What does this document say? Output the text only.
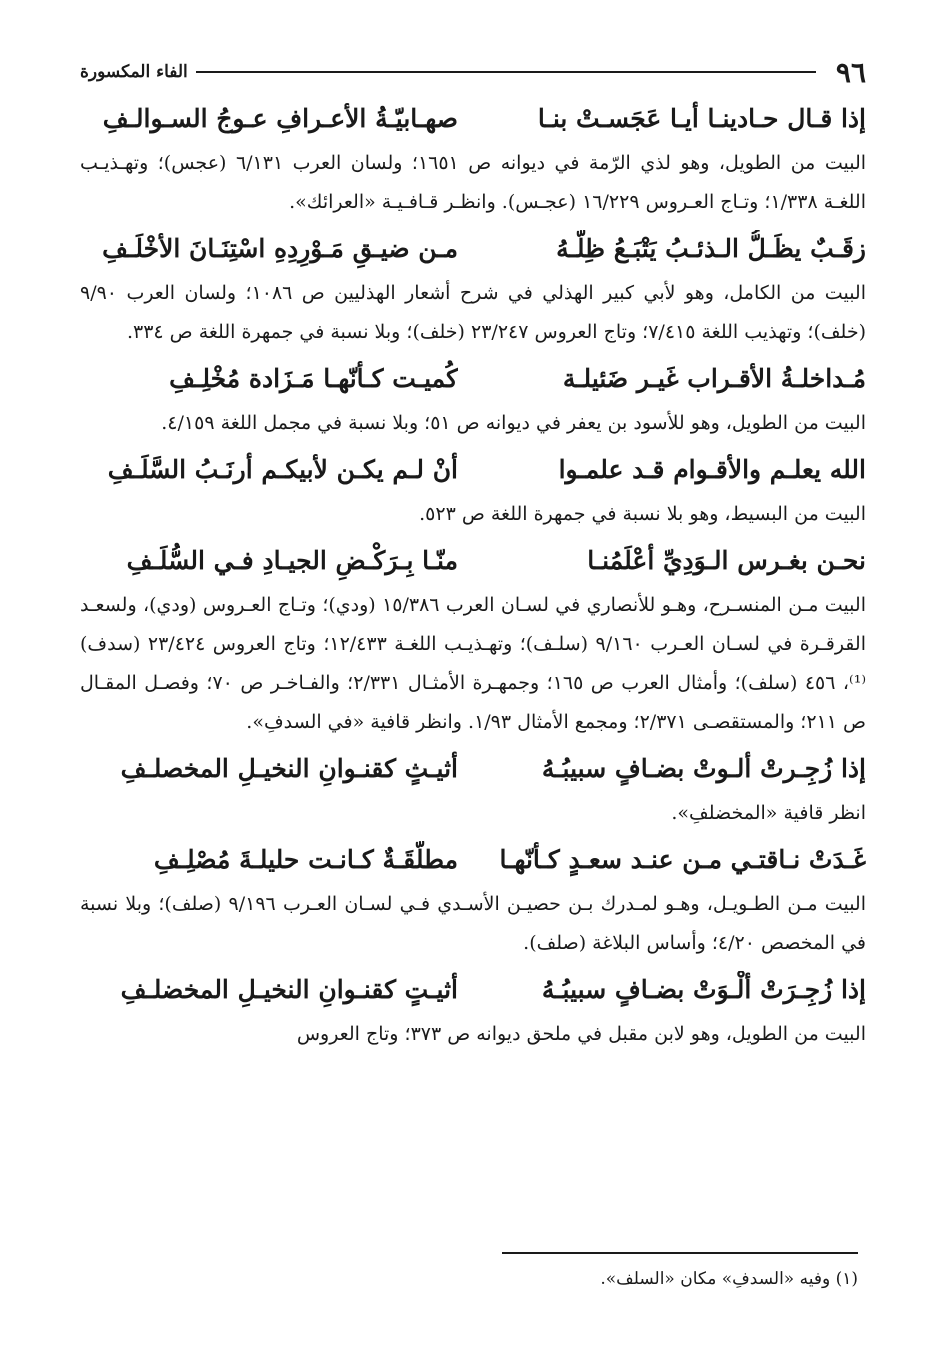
٩٦
الفاء المكسورة
إذا قـال حـادينـا أيـا عَجَسـتْ بنـا
صهـابيّـةُ الأعـرافِ عـوجُ السـوالـفِ

البيت من الطويل، وهو لذي الرّمة في ديوانه ص ١٦٥١؛ ولسان العرب ٦/١٣١ (عجس)؛ وتهـذيـب اللغـة ١/٣٣٨؛ وتـاج العـروس ١٦/٢٢٩ (عجـس). وانظـر قـافـيـة «العرائك».

زقَـبٌ يظَـلُّ الـذئـبُ يَتْبَـعُ ظِلّـهُ
مـن ضيـقِ مَـوْرِدِهِ اسْتِنَـانَ الأخْلَـفِ

البيت من الكامل، وهو لأبي كبير الهذلي في شرح أشعار الهذليين ص ١٠٨٦؛ ولسان العرب ٩/٩٠ (خلف)؛ وتهذيب اللغة ٧/٤١٥؛ وتاج العروس ٢٣/٢٤٧ (خلف)؛ وبلا نسبة في جمهرة اللغة ص ٣٣٤.

مُـداخلـةُ الأقـراب غَيـر ضَئيلـة
كُميـت كـأنّهـا مَـزَادة مُخْلِـفِ

البيت من الطويل، وهو للأسود بن يعفر في ديوانه ص ٥١؛ وبلا نسبة في مجمل اللغة ٤/١٥٩.

الله يعلـم والأقـوام قـد علمـوا
أنْ لـم يكـن لأبيكـم أرنَـبُ السَّلَـفِ

البيت من البسيط، وهو بلا نسبة في جمهرة اللغة ص ٥٢٣.

نحـن بغـرس الـوَدِيِّ أعْلَمُنـا
منّـا بِـرَكْـضِ الجيـادِ فـي السُّلَـفِ

البيت مـن المنسـرح، وهـو للأنصاري في لسـان العرب ١٥/٣٨٦ (ودي)؛ وتـاج العـروس (ودي)، ولسعـد القرقـرة في لسـان العـرب ٩/١٦٠ (سلـف)؛ وتهـذيـب اللغـة ١٢/٤٣٣؛ وتاج العروس ٢٣/٤٢٤ (سدف)⁽¹⁾، ٤٥٦ (سلف)؛ وأمثال العرب ص ١٦٥؛ وجمهـرة الأمثـال ٢/٣٣١؛ والفـاخـر ص ٧٠؛ وفصـل المقـال ص ٢١١؛ والمستقصـى ٢/٣٧١؛ ومجمع الأمثال ١/٩٣. وانظر قافية «في السدفِ».

إذا زُجِـرتْ ألـوتْ بضـافٍ سبيبُـهُ
أثيـثٍ كقنـوانِ النخيـلِ المخصلـفِ

انظر قافية «المخضلفِ».

غَـدَتْ نـاقتـي مـن عنـد سعـدٍ كـأنّهـا
مطلّقَـةٌ كـانـت حليلـةَ مُصْلِـفِ

البيت مـن الطـويـل، وهـو لمـدرك بـن حصيـن الأسـدي فـي لسـان العـرب ٩/١٩٦ (صلف)؛ وبلا نسبة في المخصص ٤/٢٠؛ وأساس البلاغة (صلف).

إذا زُجِـرَتْ ألْـوَتْ بضـافٍ سبيبُـهُ
أثيـتٍ كقنـوانِ النخيـلِ المخضلـفِ

البيت من الطويل، وهو لابن مقبل في ملحق ديوانه ص ٣٧٣؛ وتاج العروس

(١) وفيه «السدفِ» مكان «السلف».
